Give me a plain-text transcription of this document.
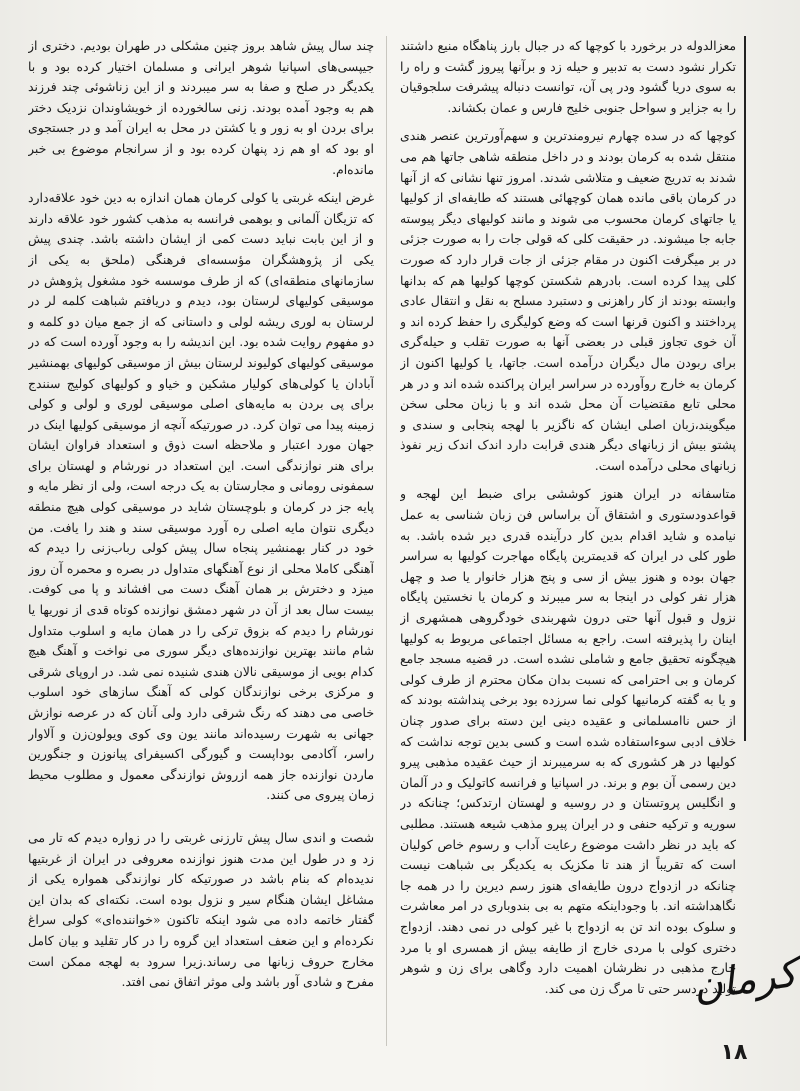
معزالدوله در برخورد با کوچها که در جبال بارز پناهگاه منیع داشتند تکرار نشود دست به تدبیر و حیله زد و برآنها پیروز گشت و راه را به سوی دریا گشود ودر پی آن، توانست دنباله پیشرفت سلجوقیان را به جزایر و سواحل جنوبی خلیج فارس و عمان بکشاند.

کوچها که در سده چهارم نیرومندترین و سهم‌آورترین عنصر هندی منتقل شده به کرمان بودند و در داخل منطقه شاهی جاتها هم می شدند به تدریج ضعیف و متلاشی شدند. امروز تنها نشانی که از آنها در کرمان باقی مانده همان کوچهائی هستند که طایفه‌ای از کولیها یا جاتهای کرمان محسوب می شوند و مانند کولیهای دیگر پیوسته جابه جا میشوند. در حقیقت کلی که قولی جات را به صورت جزئی در بر میگرفت اکنون در مقام جزئی از جات قرار دارد که صورت کلی پیدا کرده است. بادرهم شکستن کوچها کولیها هم که بدانها وابسته بودند از کار راهزنی و دستبرد مسلح به نقل و انتقال عادی پرداختند و اکنون قرنها است که وضع کولیگری را حفظ کرده اند و آن خوی تجاوز قبلی در بعضی آنها به صورت تقلب و حیله‌گری برای ربودن مال دیگران درآمده است. جاتها، یا کولیها اکنون از کرمان به خارج روآورده در سراسر ایران پراکنده شده اند و در هر محلی تابع مقتضیات آن محل شده اند و با زبان محلی سخن میگویند،زبان اصلی ایشان که ناگزیر با لهجه پنجابی و سندی و پشتو بیش از زبانهای دیگر هندی قرابت دارد اندک اندک زیر نفوذ زبانهای محلی درآمده است.

متاسفانه در ایران هنوز کوششی برای ضبط این لهجه و قواعدودستوری و اشتقاق آن براساس فن زبان شناسی به عمل نیامده و شاید اقدام بدین کار درآینده قدری دیر شده باشد. به طور کلی در ایران که قدیمترین پایگاه مهاجرت کولیها به سراسر جهان بوده و هنوز بیش از سی و پنج هزار خانوار یا صد و چهل هزار نفر کولی در اینجا به سر میبرند و کرمان یا نخستین پایگاه نزول و قبول آنها حتی درون شهربندی خودگروهی همشهری از اینان را پذیرفته است. راجع به مسائل اجتماعی مربوط به کولیها هیچگونه تحقیق جامع و شاملی نشده است. در قضیه مسجد جامع کرمان و بی احترامی که نسبت بدان مکان محترم از طرف کولی و یا به گفته کرمانیها کولی نما سرزده بود برخی پنداشته بودند که از حس ناامسلمانی و عقیده دینی این دسته برای صدور چنان خلاف ادبی سوءاستفاده شده است و کسی بدین توجه نداشت که کولیها در هر کشوری که به سرمیبرند از حیث عقیده مذهبی پیرو دین رسمی آن بوم و برند. در اسپانیا و فرانسه کاتولیک و در آلمان و انگلیس پروتستان و در روسیه و لهستان ارتدکس؛ چنانکه در سوریه و ترکیه حنفی و در ایران پیرو مذهب شیعه هستند. مطلبی که باید در نظر داشت موضوع رعایت آداب و رسوم خاص کولیان است که تقریباً از هند تا مکزیک به یکدیگر بی شباهت نیست چنانکه در ازدواج درون طایفه‌ای هنوز رسم دیرین را در همه جا نگاهداشته اند. با وجوداینکه متهم به بی بندوباری در امر معاشرت و سلوک بوده اند تن به ازدواج با غیر کولی در نمی دهند. ازدواج دختری کولی با مردی خارج از طایفه بیش از همسری او با مرد خارج مذهبی در نظرشان اهمیت دارد وگاهی برای زن و شوهر تولید دردسر حتی تا مرگ زن می کند.

چند سال پیش شاهد بروز چنین مشکلی در طهران بودیم. دختری از جیپسی‌های اسپانیا شوهر ایرانی و مسلمان اختیار کرده بود و با یکدیگر در صلح و صفا به سر میبردند و از این زناشوئی چند فرزند هم به وجود آمده بودند. زنی سالخورده از خویشاوندان نزدیک دختر برای بردن او به زور و یا کشتن در محل به ایران آمد و در جستجوی او بود که او هم زد پنهان کرده بود و از سرانجام موضوع بی خبر مانده‌ام.

غرض اینکه غربتی یا کولی کرمان همان اندازه به دین خود علاقه‌دارد که تزیگان آلمانی و بوهمی فرانسه به مذهب کشور خود علاقه دارند و از این بابت نباید دست کمی از ایشان داشته باشد. چندی پیش یکی از پژوهشگران مؤسسه‌ای فرهنگی (ملحق به یکی از سازمانهای منطقه‌ای) که از طرف موسسه خود مشغول پژوهش در موسیقی کولیهای لرستان بود، دیدم و دریافتم شباهت کلمه لر در لرستان به لوری ریشه لولی و داستانی که از جمع میان دو کلمه و دو مفهوم روایت شده بود. این اندیشه را به وجود آورده است که در موسیقی کولیهای کولیوند لرستان بیش از موسیقی کولیهای بهمنشیر آبادان یا کولی‌های کولیار مشکین و خیاو و کولیهای کولیج سنندج برای پی بردن به مایه‌های اصلی موسیقی لوری و لولی و کولی زمینه پیدا می توان کرد. در صورتیکه آنچه از موسیقی کولیها اینک در جهان مورد اعتبار و ملاحظه است ذوق و استعداد فراوان ایشان برای هنر نوازندگی است. این استعداد در نورشام و لهستان برای سمفونی رومانی و مجارستان به یک درجه است، ولی از نظر مایه و پایه جز در کرمان و بلوچستان شاید در موسیقی کولی هیچ منطقه دیگری نتوان مایه اصلی ره آورد موسیقی سند و هند را یافت. من خود در کنار بهمنشیر پنجاه سال پیش کولی رباب‌زنی را دیدم که آهنگی کاملا محلی از نوع آهنگهای متداول در بصره و محمره آن روز میزد و دخترش بر همان آهنگ دست می افشاند و پا می کوفت. بیست سال بعد از آن در شهر دمشق نوازنده کوتاه قدی از نوریها یا نورشام را دیدم که بزوق ترکی را در همان مایه و اسلوب متداول شام مانند بهترین نوازنده‌های دیگر سوری می نواخت و آهنگ هیچ کدام بویی از موسیقی نالان هندی شنیده نمی شد. در اروپای شرقی و مرکزی برخی نوازندگان کولی که آهنگ سازهای خود اسلوب خاصی می دهند که رنگ شرقی دارد ولی آنان که در عرصه نوازش جهانی به شهرت رسیده‌اند مانند یون وی کوی ویولون‌زن و آلاوار راسر، آکادمی بوداپست و گیورگی اکسیفرای پیانوزن و جنگورین ماردن نوازنده جاز همه ازروش نوازندگی معمول و مطلوب محیط زمان پیروی می کنند.

شصت و اندی سال پیش تارزنی غربتی را در زواره دیدم که تار می زد و در طول این مدت هنوز نوازنده معروفی در ایران از غربتیها ندیده‌ام که بنام باشد در صورتیکه کار نوازندگی همواره یکی از مشاغل ایشان هنگام سیر و نزول بوده است. نکته‌ای که بدان این گفتار خاتمه داده می شود اینکه تاکنون «خواننده‌ای» کولی سراغ نکرده‌ام و این ضعف استعداد این گروه را در کار تقلید و بیان کامل مخارج حروف زبانها می رساند.زیرا سرود به لهجه ممکن است مفرح و شادی آور باشد ولی موثر اتفاق نمی افتد.	کرمان
۱۸
